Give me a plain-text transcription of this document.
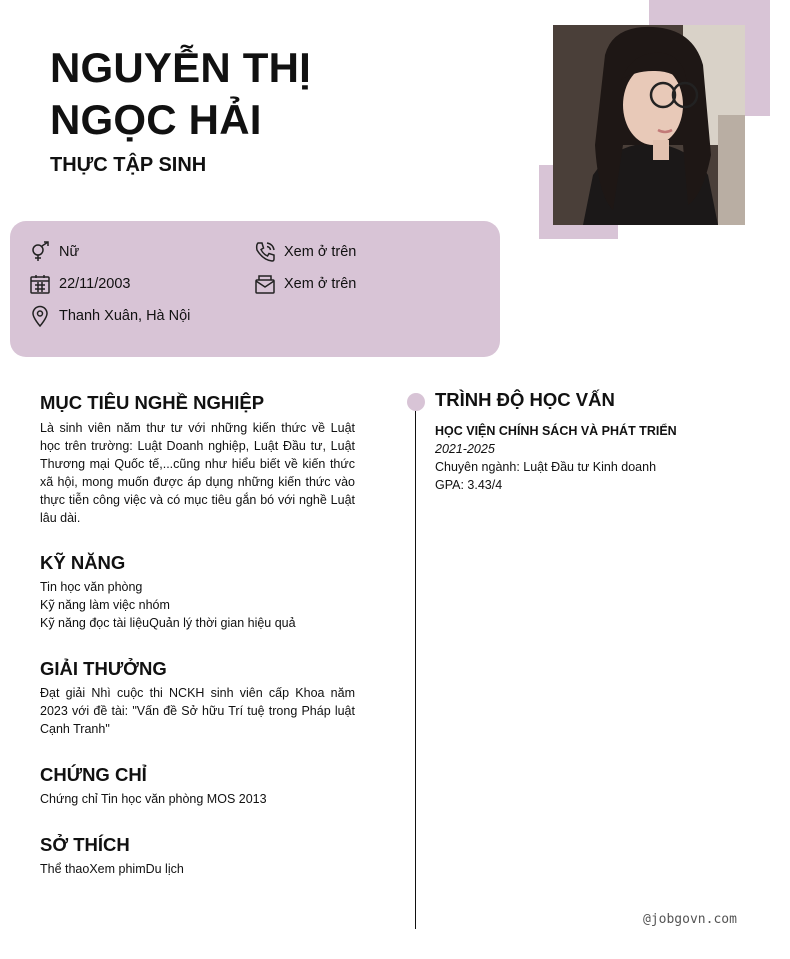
NGUYỄN THỊ
NGỌC HẢI
THỰC TẬP SINH
Nữ
22/11/2003
Thanh Xuân, Hà Nội
Xem ở trên
Xem ở trên
MỤC TIÊU NGHỀ NGHIỆP
Là sinh viên năm thư tư với những kiến thức về Luật học trên trường: Luật Doanh nghiệp, Luật Đầu tư, Luật Thương mại Quốc tế,...cũng như hiểu biết về kiến thức xã hội, mong muốn được áp dụng những kiến thức vào thực tiễn công việc và có mục tiêu gắn bó với nghề Luật lâu dài.
KỸ NĂNG
Tin học văn phòng
Kỹ năng làm việc nhóm
Kỹ năng đọc tài liệuQuản lý thời gian hiệu quả
GIẢI THƯỞNG
Đạt giải Nhì cuộc thi NCKH sinh viên cấp Khoa năm 2023 với đề tài: "Vấn đề Sở hữu Trí tuệ trong Pháp luật Cạnh Tranh"
CHỨNG CHỈ
Chứng chỉ Tin học văn phòng MOS 2013
SỞ THÍCH
Thể thaoXem phimDu lịch
TRÌNH ĐỘ HỌC VẤN
HỌC VIỆN CHÍNH SÁCH VÀ PHÁT TRIỂN
2021-2025
Chuyên ngành: Luật Đầu tư Kinh doanh
GPA: 3.43/4
@jobgovn.com
